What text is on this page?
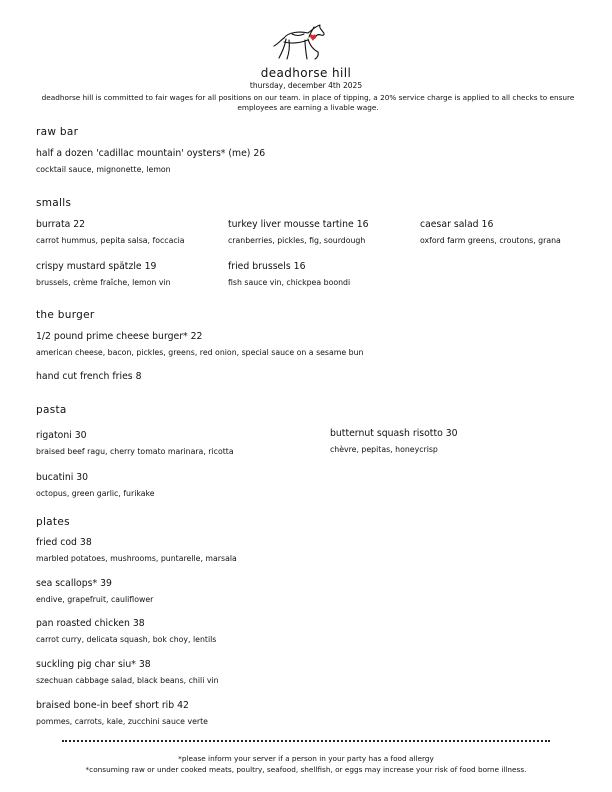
deadhorse hill
thursday, december 4th 2025
deadhorse hill is committed to fair wages for all positions on our team. in place of tipping, a 20% service charge is applied to all checks to ensure employees are earning a livable wage.
raw bar
half a dozen 'cadillac mountain' oysters* (me) 26
cocktail sauce, mignonette, lemon
smalls
burrata 22
carrot hummus, pepita salsa, foccacia
turkey liver mousse tartine 16
cranberries, pickles, fig, sourdough
caesar salad 16
oxford farm greens, croutons, grana
crispy mustard spätzle 19
brussels, crème fraîche, lemon vin
fried brussels 16
fish sauce vin, chickpea boondi
the burger
1/2 pound prime cheese burger* 22
american cheese, bacon, pickles, greens, red onion, special sauce on a sesame bun
hand cut french fries 8
pasta
rigatoni 30
braised beef ragu, cherry tomato marinara, ricotta
butternut squash risotto 30
chèvre, pepitas, honeycrisp
bucatini 30
octopus, green garlic, furikake
plates
fried cod 38
marbled potatoes, mushrooms, puntarelle, marsala
sea scallops* 39
endive, grapefruit, cauliflower
pan roasted chicken 38
carrot curry, delicata squash, bok choy, lentils
suckling pig char siu* 38
szechuan cabbage salad, black beans, chili vin
braised bone-in beef short rib 42
pommes, carrots, kale, zucchini sauce verte
*please inform your server if a person in your party has a food allergy
*consuming raw or under cooked meats, poultry, seafood, shellfish, or eggs may increase your risk of food borne illness.
